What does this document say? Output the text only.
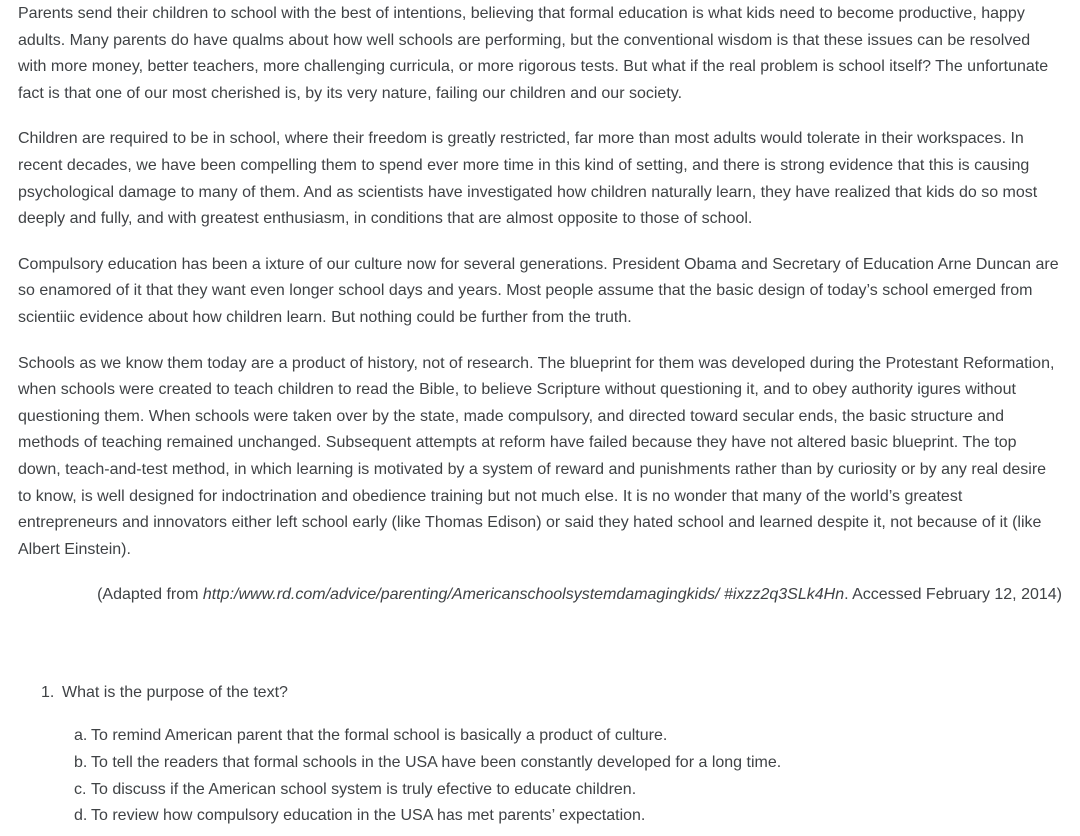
Parents send their children to school with the best of intentions, believing that formal education is what kids need to become productive, happy adults. Many parents do have qualms about how well schools are performing, but the conventional wisdom is that these issues can be resolved with more money, better teachers, more challenging curricula, or more rigorous tests. But what if the real problem is school itself? The unfortunate fact is that one of our most cherished is, by its very nature, failing our children and our society.

Children are required to be in school, where their freedom is greatly restricted, far more than most adults would tolerate in their workspaces. In recent decades, we have been compelling them to spend ever more time in this kind of setting, and there is strong evidence that this is causing psychological damage to many of them. And as scientists have investigated how children naturally learn, they have realized that kids do so most deeply and fully, and with greatest enthusiasm, in conditions that are almost opposite to those of school.

Compulsory education has been a ixture of our culture now for several generations. President Obama and Secretary of Education Arne Duncan are so enamored of it that they want even longer school days and years. Most people assume that the basic design of today’s school emerged from scientiic evidence about how children learn. But nothing could be further from the truth.

Schools as we know them today are a product of history, not of research. The blueprint for them was developed during the Protestant Reformation, when schools were created to teach children to read the Bible, to believe Scripture without questioning it, and to obey authority igures without questioning them. When schools were taken over by the state, made compulsory, and directed toward secular ends, the basic structure and methods of teaching remained unchanged. Subsequent attempts at reform have failed because they have not altered basic blueprint. The top down, teach-and-test method, in which learning is motivated by a system of reward and punishments rather than by curiosity or by any real desire to know, is well designed for indoctrination and obedience training but not much else. It is no wonder that many of the world’s greatest entrepreneurs and innovators either left school early (like Thomas Edison) or said they hated school and learned despite it, not because of it (like Albert Einstein).

(Adapted from http:/www.rd.com/advice/parenting/Americanschoolsystemdamagingkids/ #ixzz2q3SLk4Hn. Accessed February 12, 2014)
1. What is the purpose of the text?
a. To remind American parent that the formal school is basically a product of culture.
b. To tell the readers that formal schools in the USA have been constantly developed for a long time.
c. To discuss if the American school system is truly efective to educate children.
d. To review how compulsory education in the USA has met parents’ expectation.
